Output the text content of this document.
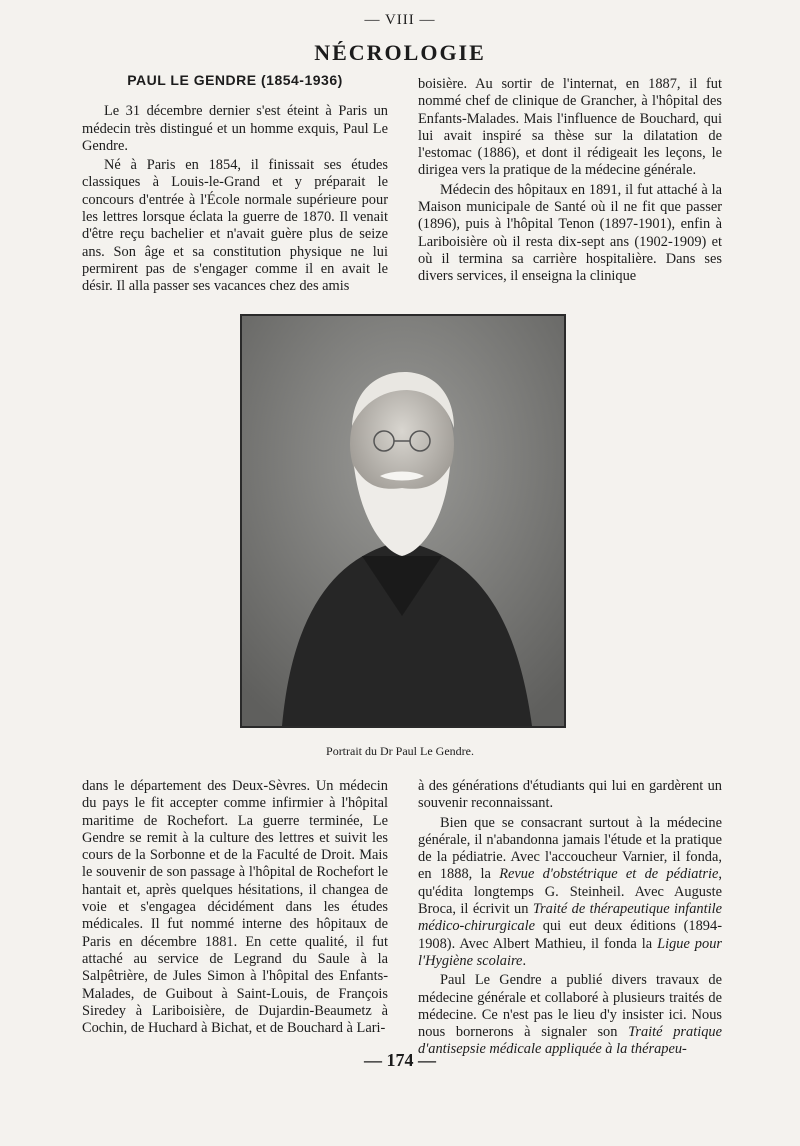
— VIII —
NÉCROLOGIE
PAUL LE GENDRE (1854-1936)

Le 31 décembre dernier s'est éteint à Paris un médecin très distingué et un homme exquis, Paul Le Gendre.

Né à Paris en 1854, il finissait ses études classiques à Louis-le-Grand et y préparait le concours d'entrée à l'École normale supérieure pour les lettres lorsque éclata la guerre de 1870. Il venait d'être reçu bachelier et n'avait guère plus de seize ans. Son âge et sa constitution physique ne lui permirent pas de s'engager comme il en avait le désir. Il alla passer ses vacances chez des amis

boisière. Au sortir de l'internat, en 1887, il fut nommé chef de clinique de Grancher, à l'hôpital des Enfants-Malades. Mais l'influence de Bouchard, qui lui avait inspiré sa thèse sur la dilatation de l'estomac (1886), et dont il rédigeait les leçons, le dirigea vers la pratique de la médecine générale.

Médecin des hôpitaux en 1891, il fut attaché à la Maison municipale de Santé où il ne fit que passer (1896), puis à l'hôpital Tenon (1897-1901), enfin à Lariboisière où il resta dix-sept ans (1902-1909) et où il termina sa carrière hospitalière. Dans ses divers services, il enseigna la clinique

Portrait du Dr Paul Le Gendre.

dans le département des Deux-Sèvres. Un médecin du pays le fit accepter comme infirmier à l'hôpital maritime de Rochefort. La guerre terminée, Le Gendre se remit à la culture des lettres et suivit les cours de la Sorbonne et de la Faculté de Droit. Mais le souvenir de son passage à l'hôpital de Rochefort le hantait et, après quelques hésitations, il changea de voie et s'engagea décidément dans les études médicales. Il fut nommé interne des hôpitaux de Paris en décembre 1881. En cette qualité, il fut attaché au service de Legrand du Saule à la Salpêtrière, de Jules Simon à l'hôpital des Enfants-Malades, de Guibout à Saint-Louis, de François Siredey à Lariboisière, de Dujardin-Beaumetz à Cochin, de Huchard à Bichat, et de Bouchard à Lari-

à des générations d'étudiants qui lui en gardèrent un souvenir reconnaissant.

Bien que se consacrant surtout à la médecine générale, il n'abandonna jamais l'étude et la pratique de la pédiatrie. Avec l'accoucheur Varnier, il fonda, en 1888, la Revue d'obstétrique et de pédiatrie, qu'édita longtemps G. Steinheil. Avec Auguste Broca, il écrivit un Traité de thérapeutique infantile médico-chirurgicale qui eut deux éditions (1894-1908). Avec Albert Mathieu, il fonda la Ligue pour l'Hygiène scolaire.

Paul Le Gendre a publié divers travaux de médecine générale et collaboré à plusieurs traités de médecine. Ce n'est pas le lieu d'y insister ici. Nous nous bornerons à signaler son Traité pratique d'antisepsie médicale appliquée à la thérapeu-

— 174 —
